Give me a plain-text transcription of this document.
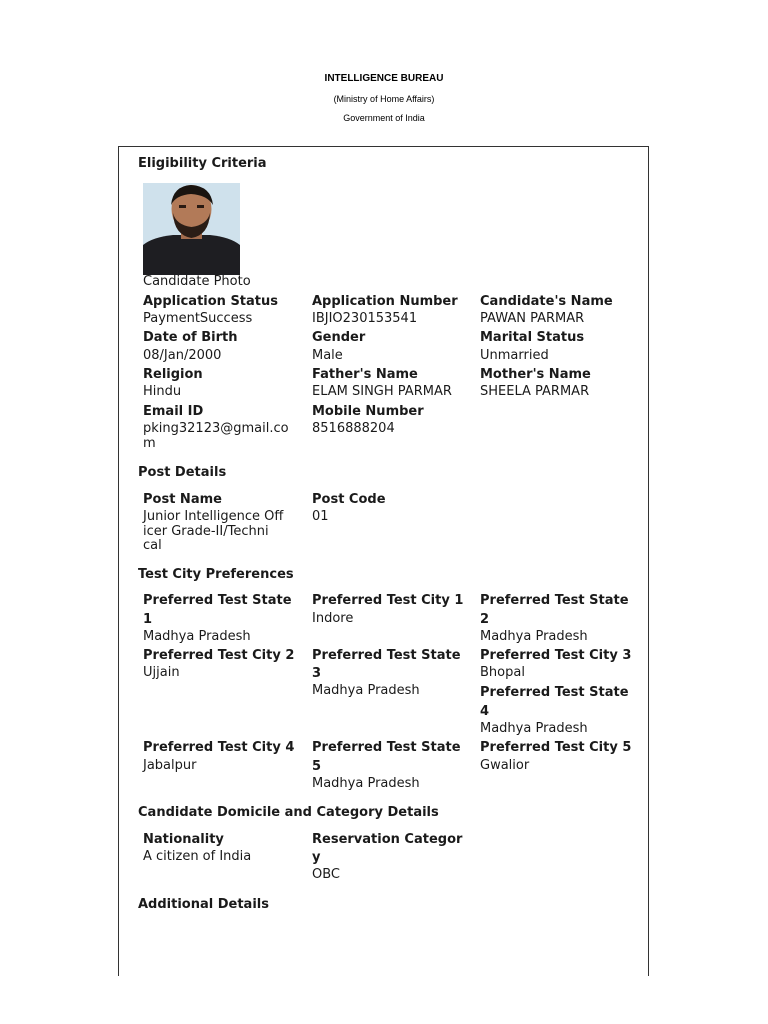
INTELLIGENCE BUREAU
(Ministry of Home Affairs)
Government of India
Eligibility Criteria
Candidate Photo
Application Status
PaymentSuccess
Application Number
IBJIO230153541
Candidate's Name
PAWAN PARMAR
Date of Birth
08/Jan/2000
Gender
Male
Marital Status
Unmarried
Religion
Hindu
Father's Name
ELAM SINGH PARMAR
Mother's Name
SHEELA PARMAR
Email ID
pking32123@gmail.co
m
Mobile Number
8516888204
Post Details
Post Name
Junior Intelligence Off
icer Grade-II/Techni
cal
Post Code
01
Test City Preferences
Preferred Test State
1
Madhya Pradesh
Preferred Test City 1
Indore
Preferred Test State
2
Madhya Pradesh
Preferred Test City 2
Ujjain
Preferred Test State
3
Madhya Pradesh
Preferred Test City 3
Bhopal
Preferred Test State
4
Madhya Pradesh
Preferred Test City 4
Jabalpur
Preferred Test State
5
Madhya Pradesh
Preferred Test City 5
Gwalior
Candidate Domicile and Category Details
Nationality
A citizen of India
Reservation Categor
y
OBC
Additional Details
